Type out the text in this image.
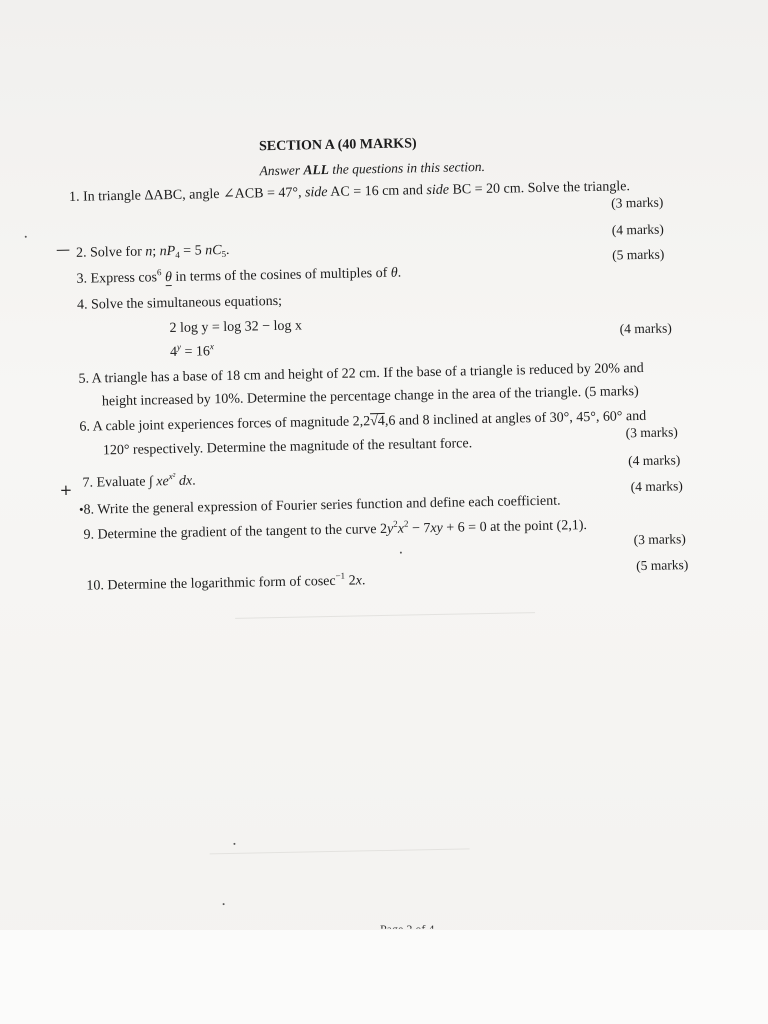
SECTION A (40 MARKS)
Answer ALL the questions in this section.
1. In triangle ΔABC, angle ∠ACB = 47°, side AC = 16 cm and side BC = 20 cm. Solve the triangle.
(3 marks)
—
(4 marks)
2. Solve for n; $nP_4 = 5$ $nC_5$.	(5 marks)
3. Express $\cos^6 \theta$ in terms of the cosines of multiples of θ.
4. Solve the simultaneous equations;
2 log y = log 32 − log x
$4^y = 16^x$
(4 marks)
5. A triangle has a base of 18 cm and height of 22 cm. If the base of a triangle is reduced by 20% and
height increased by 10%. Determine the percentage change in the area of the triangle. (5 marks)
6. A cable joint experiences forces of magnitude 2,2√4,6 and 8 inclined at angles of 30°, 45°, 60° and
120° respectively. Determine the magnitude of the resultant force.
(3 marks)
+ 7. Evaluate ∫ $xe^{x^2}$ dx.
(4 marks)
•8. Write the general expression of Fourier series function and define each coefficient.
(4 marks)
9. Determine the gradient of the tangent to the curve $2y^2x^2 - 7xy + 6 = 0$ at the point (2,1).
(3 marks)
10. Determine the logarithmic form of cosec$^{-1}$ 2x.
(5 marks)
